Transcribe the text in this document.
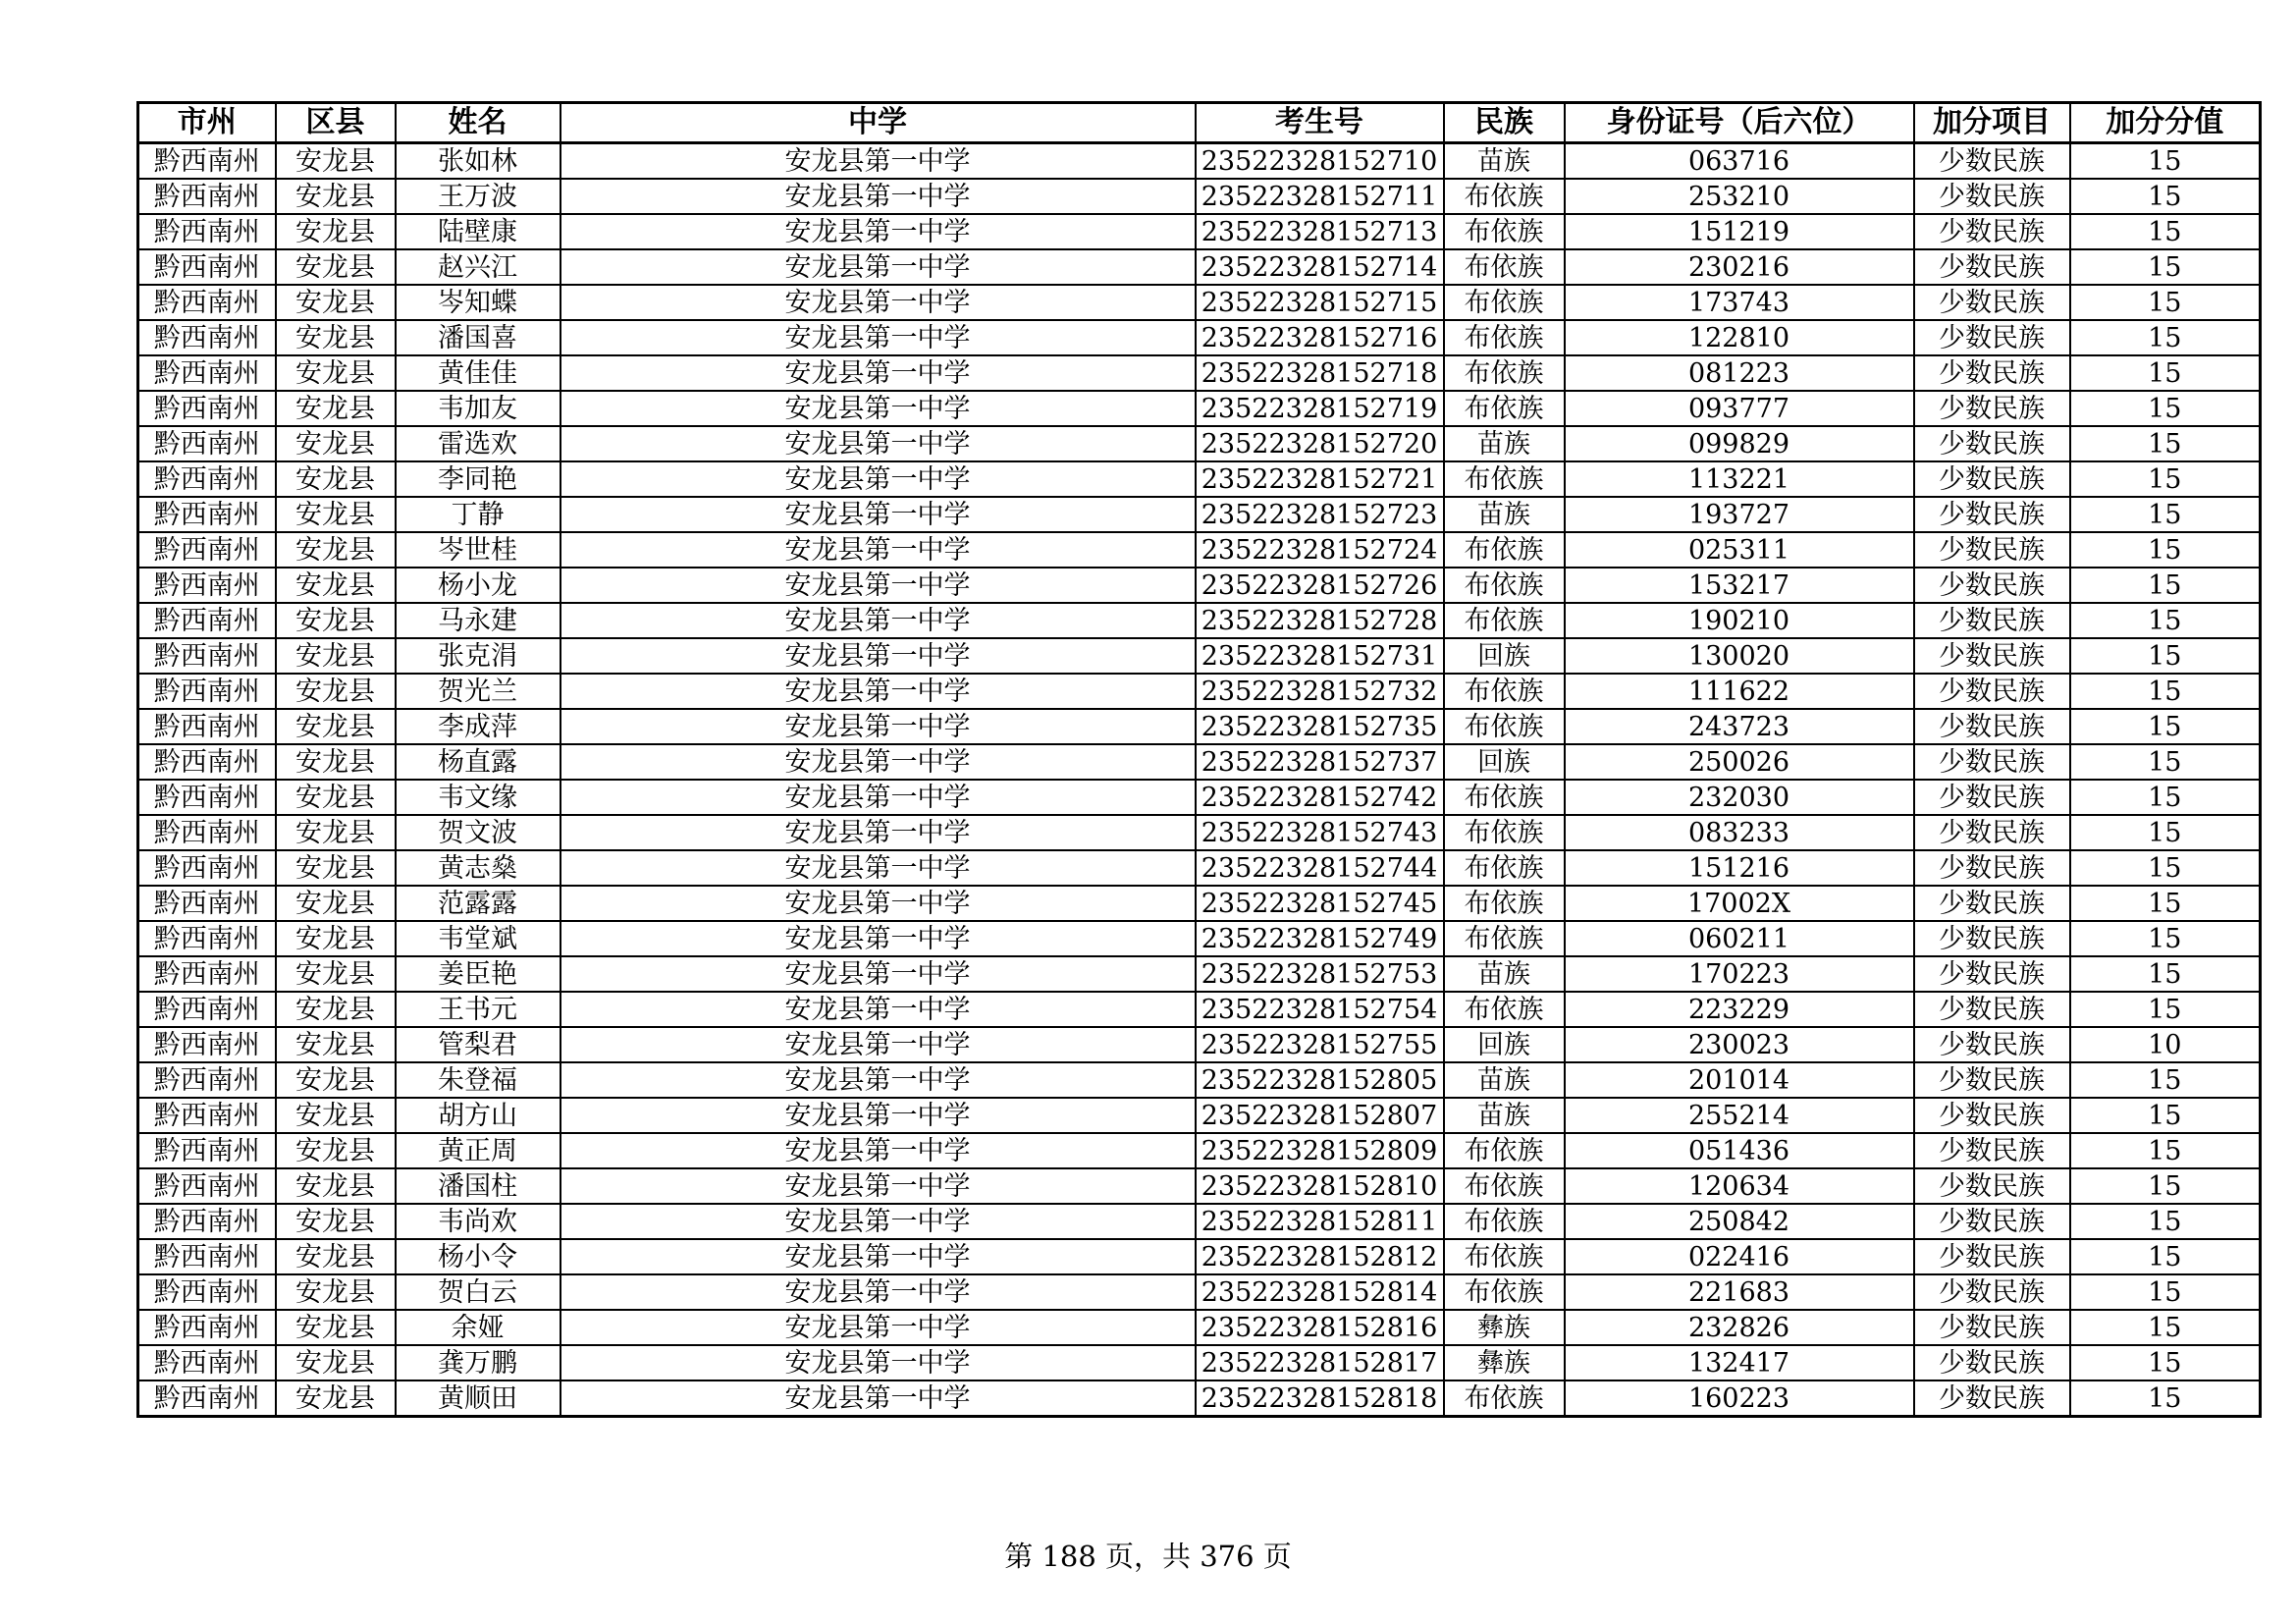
市州	区县	姓名	中学	考生号	民族	身份证号（后六位）	加分项目	加分分值
黔西南州	安龙县	张如林	安龙县第一中学	23522328152710	苗族	063716	少数民族	15
黔西南州	安龙县	王万波	安龙县第一中学	23522328152711	布依族	253210	少数民族	15
黔西南州	安龙县	陆壁康	安龙县第一中学	23522328152713	布依族	151219	少数民族	15
黔西南州	安龙县	赵兴江	安龙县第一中学	23522328152714	布依族	230216	少数民族	15
黔西南州	安龙县	岑知蝶	安龙县第一中学	23522328152715	布依族	173743	少数民族	15
黔西南州	安龙县	潘国喜	安龙县第一中学	23522328152716	布依族	122810	少数民族	15
黔西南州	安龙县	黄佳佳	安龙县第一中学	23522328152718	布依族	081223	少数民族	15
黔西南州	安龙县	韦加友	安龙县第一中学	23522328152719	布依族	093777	少数民族	15
黔西南州	安龙县	雷选欢	安龙县第一中学	23522328152720	苗族	099829	少数民族	15
黔西南州	安龙县	李同艳	安龙县第一中学	23522328152721	布依族	113221	少数民族	15
黔西南州	安龙县	丁静	安龙县第一中学	23522328152723	苗族	193727	少数民族	15
黔西南州	安龙县	岑世桂	安龙县第一中学	23522328152724	布依族	025311	少数民族	15
黔西南州	安龙县	杨小龙	安龙县第一中学	23522328152726	布依族	153217	少数民族	15
黔西南州	安龙县	马永建	安龙县第一中学	23522328152728	布依族	190210	少数民族	15
黔西南州	安龙县	张克涓	安龙县第一中学	23522328152731	回族	130020	少数民族	15
黔西南州	安龙县	贺光兰	安龙县第一中学	23522328152732	布依族	111622	少数民族	15
黔西南州	安龙县	李成萍	安龙县第一中学	23522328152735	布依族	243723	少数民族	15
黔西南州	安龙县	杨直露	安龙县第一中学	23522328152737	回族	250026	少数民族	15
黔西南州	安龙县	韦文缘	安龙县第一中学	23522328152742	布依族	232030	少数民族	15
黔西南州	安龙县	贺文波	安龙县第一中学	23522328152743	布依族	083233	少数民族	15
黔西南州	安龙县	黄志燊	安龙县第一中学	23522328152744	布依族	151216	少数民族	15
黔西南州	安龙县	范露露	安龙县第一中学	23522328152745	布依族	17002X	少数民族	15
黔西南州	安龙县	韦堂斌	安龙县第一中学	23522328152749	布依族	060211	少数民族	15
黔西南州	安龙县	姜臣艳	安龙县第一中学	23522328152753	苗族	170223	少数民族	15
黔西南州	安龙县	王书元	安龙县第一中学	23522328152754	布依族	223229	少数民族	15
黔西南州	安龙县	管梨君	安龙县第一中学	23522328152755	回族	230023	少数民族	10
黔西南州	安龙县	朱登福	安龙县第一中学	23522328152805	苗族	201014	少数民族	15
黔西南州	安龙县	胡方山	安龙县第一中学	23522328152807	苗族	255214	少数民族	15
黔西南州	安龙县	黄正周	安龙县第一中学	23522328152809	布依族	051436	少数民族	15
黔西南州	安龙县	潘国柱	安龙县第一中学	23522328152810	布依族	120634	少数民族	15
黔西南州	安龙县	韦尚欢	安龙县第一中学	23522328152811	布依族	250842	少数民族	15
黔西南州	安龙县	杨小令	安龙县第一中学	23522328152812	布依族	022416	少数民族	15
黔西南州	安龙县	贺白云	安龙县第一中学	23522328152814	布依族	221683	少数民族	15
黔西南州	安龙县	余娅	安龙县第一中学	23522328152816	彝族	232826	少数民族	15
黔西南州	安龙县	龚万鹏	安龙县第一中学	23522328152817	彝族	132417	少数民族	15
黔西南州	安龙县	黄顺田	安龙县第一中学	23522328152818	布依族	160223	少数民族	15
第 188 页，共 376 页
